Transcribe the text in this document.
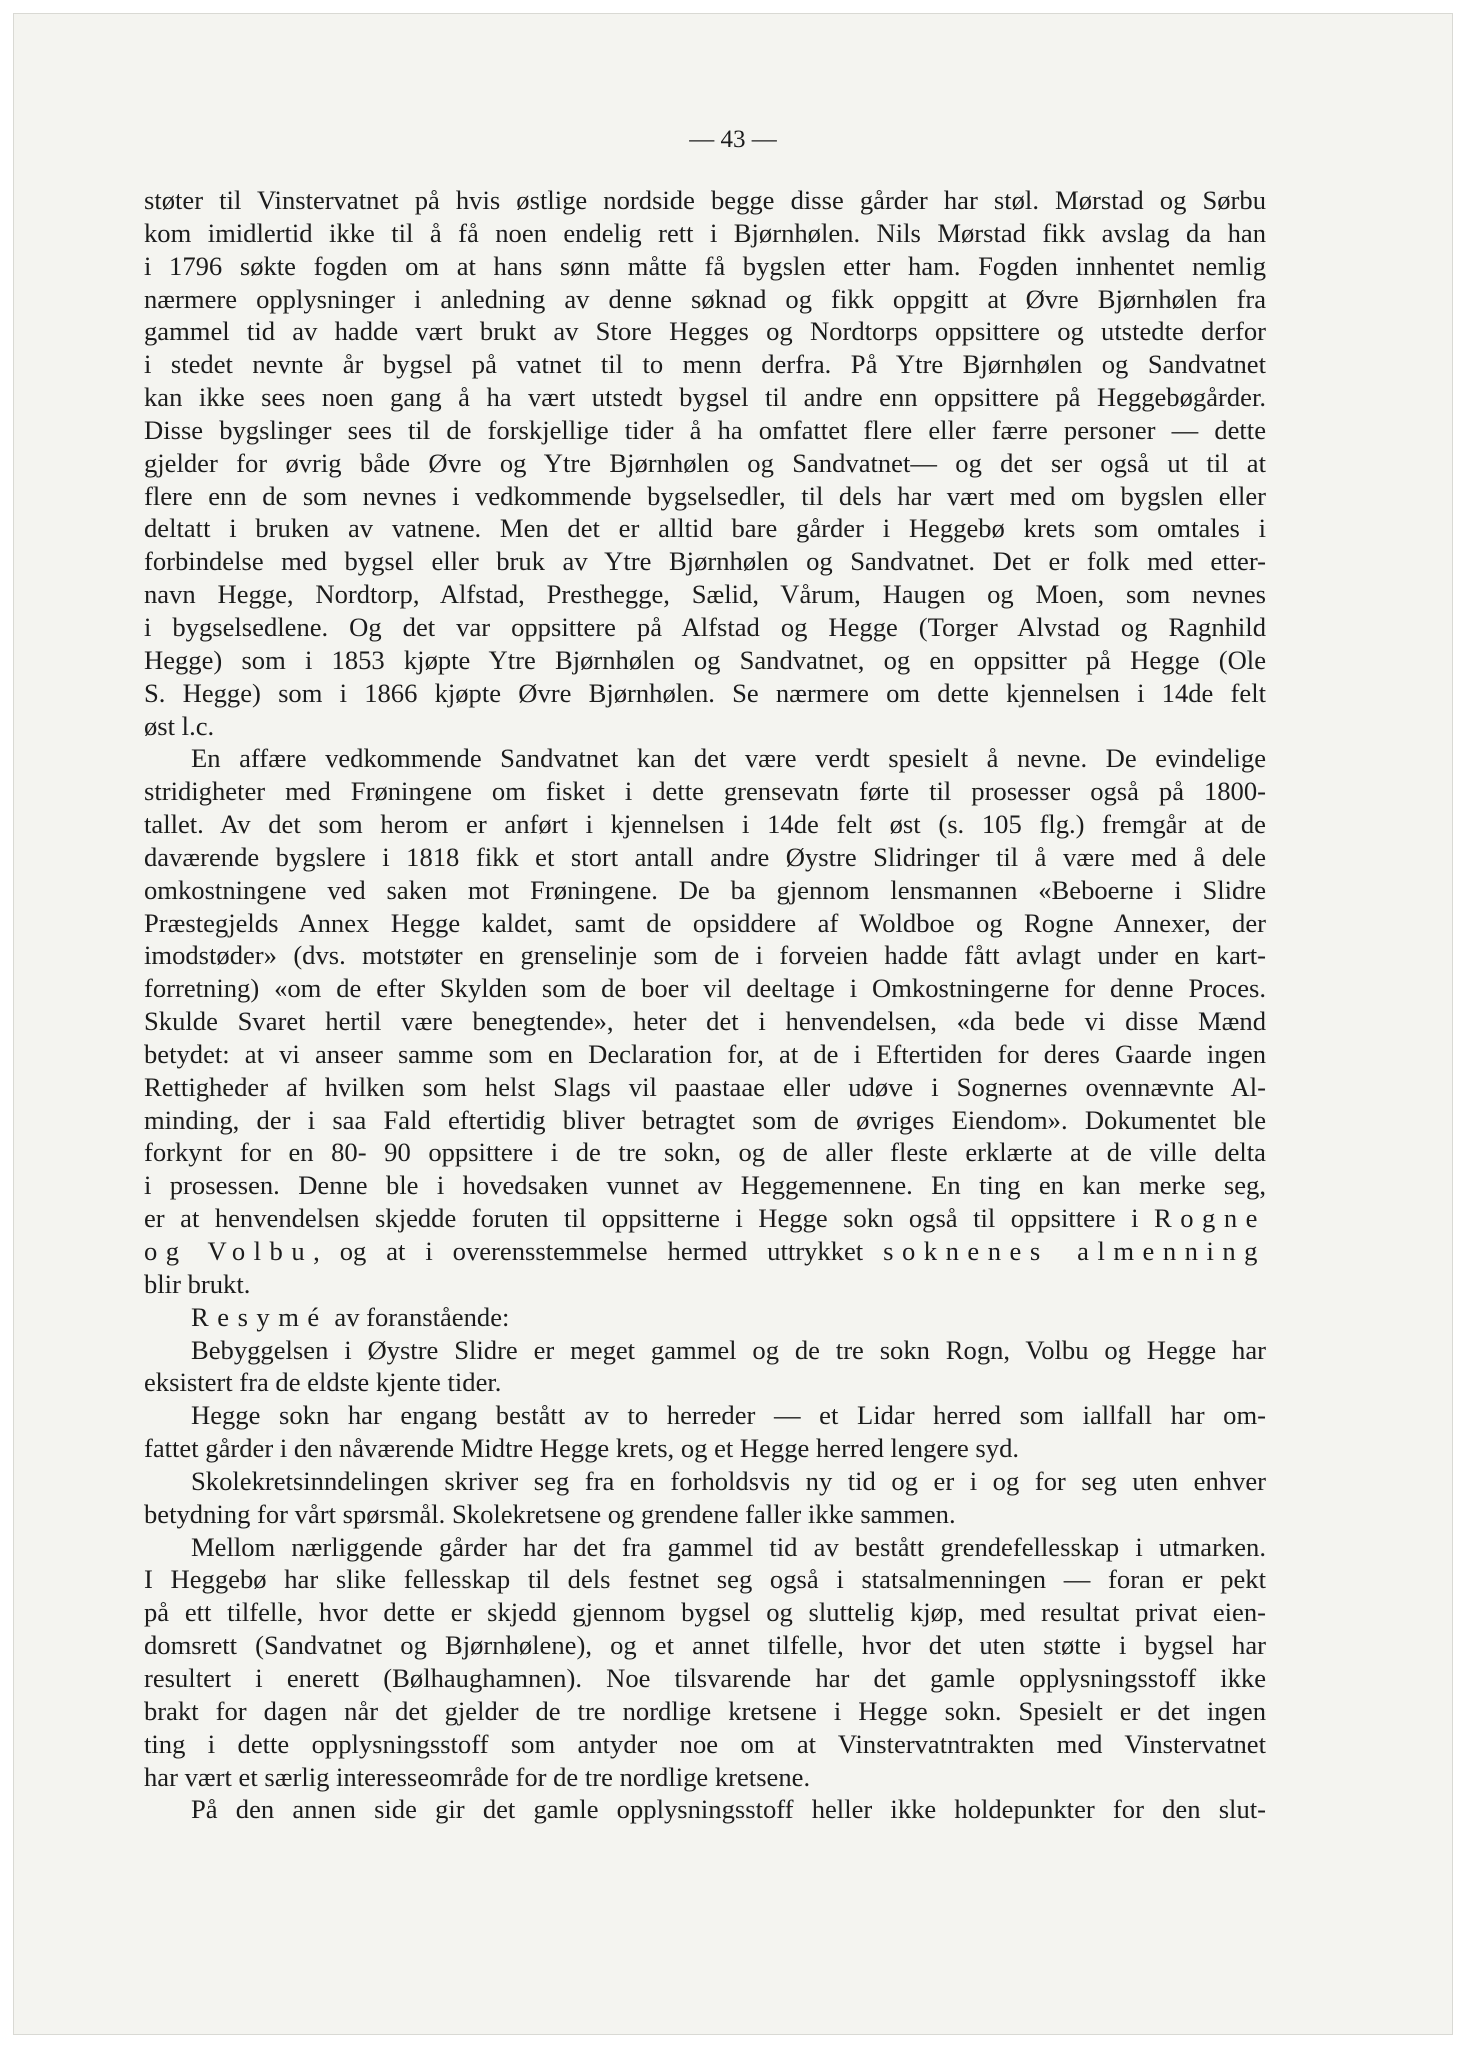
— 43 —

støter til Vinstervatnet på hvis østlige nordside begge disse gårder har støl. Mørstad og Sørbu

kom imidlertid ikke til å få noen endelig rett i Bjørnhølen. Nils Mørstad fikk avslag da han

i 1796 søkte fogden om at hans sønn måtte få bygslen etter ham. Fogden innhentet nemlig

nærmere opplysninger i anledning av denne søknad og fikk oppgitt at Øvre Bjørnhølen fra

gammel tid av hadde vært brukt av Store Hegges og Nordtorps oppsittere og utstedte derfor

i stedet nevnte år bygsel på vatnet til to menn derfra. På Ytre Bjørnhølen og Sandvatnet

kan ikke sees noen gang å ha vært utstedt bygsel til andre enn oppsittere på Heggebøgårder.

Disse bygslinger sees til de forskjellige tider å ha omfattet flere eller færre personer — dette

gjelder for øvrig både Øvre og Ytre Bjørnhølen og Sandvatnet— og det ser også ut til at

flere enn de som nevnes i vedkommende bygselsedler, til dels har vært med om bygslen eller

deltatt i bruken av vatnene. Men det er alltid bare gårder i Heggebø krets som omtales i

forbindelse med bygsel eller bruk av Ytre Bjørnhølen og Sandvatnet. Det er folk med etter-

navn Hegge, Nordtorp, Alfstad, Presthegge, Sælid, Vårum, Haugen og Moen, som nevnes

i bygselsedlene. Og det var oppsittere på Alfstad og Hegge (Torger Alvstad og Ragnhild

Hegge) som i 1853 kjøpte Ytre Bjørnhølen og Sandvatnet, og en oppsitter på Hegge (Ole

S. Hegge) som i 1866 kjøpte Øvre Bjørnhølen. Se nærmere om dette kjennelsen i 14de felt

øst l.c.

En affære vedkommende Sandvatnet kan det være verdt spesielt å nevne. De evindelige

stridigheter med Frøningene om fisket i dette grensevatn førte til prosesser også på 1800-

tallet. Av det som herom er anført i kjennelsen i 14de felt øst (s. 105 flg.) fremgår at de

daværende bygslere i 1818 fikk et stort antall andre Øystre Slidringer til å være med å dele

omkostningene ved saken mot Frøningene. De ba gjennom lensmannen «Beboerne i Slidre

Præstegjelds Annex Hegge kaldet, samt de opsiddere af Woldboe og Rogne Annexer, der

imodstøder» (dvs. motstøter en grenselinje som de i forveien hadde fått avlagt under en kart-

forretning) «om de efter Skylden som de boer vil deeltage i Omkostningerne for denne Proces.

Skulde Svaret hertil være benegtende», heter det i henvendelsen, «da bede vi disse Mænd

betydet: at vi anseer samme som en Declaration for, at de i Eftertiden for deres Gaarde ingen

Rettigheder af hvilken som helst Slags vil paastaae eller udøve i Sognernes ovennævnte Al-

minding, der i saa Fald eftertidig bliver betragtet som de øvriges Eiendom». Dokumentet ble

forkynt for en 80- 90 oppsittere i de tre sokn, og de aller fleste erklærte at de ville delta

i prosessen. Denne ble i hovedsaken vunnet av Heggemennene. En ting en kan merke seg,

er at henvendelsen skjedde foruten til oppsitterne i Hegge sokn også til oppsittere i Rogne

og Volbu, og at i overensstemmelse hermed uttrykket soknenes almenning

blir brukt.

Resymé av foranstående:

Bebyggelsen i Øystre Slidre er meget gammel og de tre sokn Rogn, Volbu og Hegge har

eksistert fra de eldste kjente tider.

Hegge sokn har engang bestått av to herreder — et Lidar herred som iallfall har om-

fattet gårder i den nåværende Midtre Hegge krets, og et Hegge herred lengere syd.

Skolekretsinndelingen skriver seg fra en forholdsvis ny tid og er i og for seg uten enhver

betydning for vårt spørsmål. Skolekretsene og grendene faller ikke sammen.

Mellom nærliggende gårder har det fra gammel tid av bestått grendefellesskap i utmarken.

I Heggebø har slike fellesskap til dels festnet seg også i statsalmenningen — foran er pekt

på ett tilfelle, hvor dette er skjedd gjennom bygsel og sluttelig kjøp, med resultat privat eien-

domsrett (Sandvatnet og Bjørnhølene), og et annet tilfelle, hvor det uten støtte i bygsel har

resultert i enerett (Bølhaughamnen). Noe tilsvarende har det gamle opplysningsstoff ikke

brakt for dagen når det gjelder de tre nordlige kretsene i Hegge sokn. Spesielt er det ingen

ting i dette opplysningsstoff som antyder noe om at Vinstervatntrakten med Vinstervatnet

har vært et særlig interesseområde for de tre nordlige kretsene.

På den annen side gir det gamle opplysningsstoff heller ikke holdepunkter for den slut-
